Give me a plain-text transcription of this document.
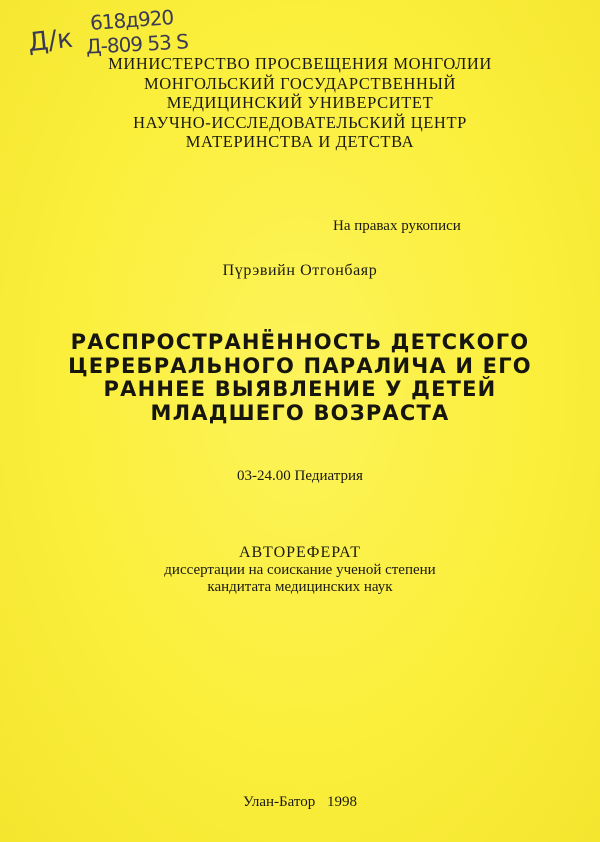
618д920
Д/к Д-809 53 S
МИНИСТЕРСТВО ПРОСВЕЩЕНИЯ МОНГОЛИИ
МОНГОЛЬСКИЙ ГОСУДАРСТВЕННЫЙ
МЕДИЦИНСКИЙ УНИВЕРСИТЕТ
НАУЧНО-ИССЛЕДОВАТЕЛЬСКИЙ ЦЕНТР
МАТЕРИНСТВА И ДЕТСТВА
На правах рукописи
Пүрэвийн Отгонбаяр
РАСПРОСТРАНЁННОСТЬ ДЕТСКОГО
ЦЕРЕБРАЛЬНОГО ПАРАЛИЧА И ЕГО
РАННЕЕ ВЫЯВЛЕНИЕ У ДЕТЕЙ
МЛАДШЕГО ВОЗРАСТА
03-24.00 Педиатрия
АВТОРЕФЕРАТ
диссертации на соискание ученой степени
кандитата медицинских наук
Улан-Батор 1998
